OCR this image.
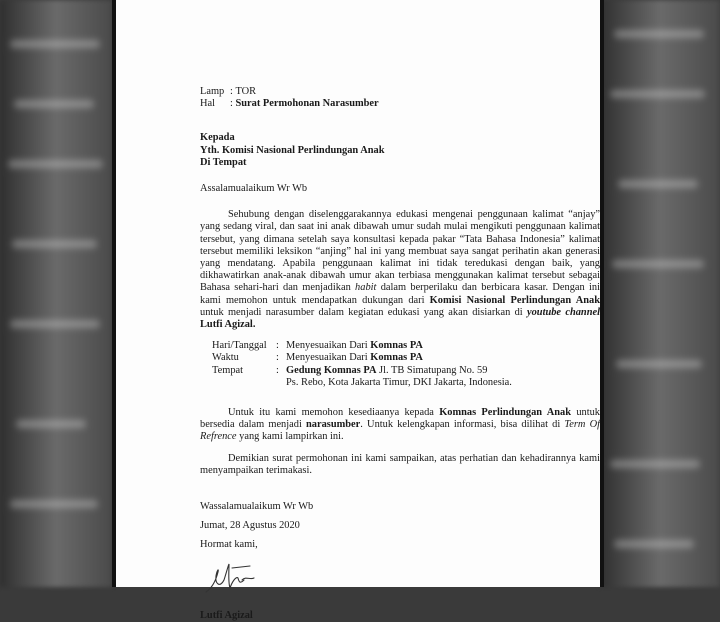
Lamp : TOR
Hal	: Surat Permohonan Narasumber
Kepada
Yth. Komisi Nasional Perlindungan Anak
Di Tempat
Assalamualaikum Wr Wb

Sehubung dengan diselenggarakannya edukasi mengenai penggunaan kalimat “anjay” yang sedang viral, dan saat ini anak dibawah umur sudah mulai mengikuti penggunaan kalimat tersebut, yang dimana setelah saya konsultasi kepada pakar “Tata Bahasa Indonesia” kalimat tersebut memiliki leksikon “anjing” hal ini yang membuat saya sangat perihatin akan generasi yang mendatang. Apabila penggunaan kalimat ini tidak teredukasi dengan baik, yang dikhawatirkan anak-anak dibawah umur akan terbiasa menggunakan kalimat tersebut sebagai Bahasa sehari-hari dan menjadikan habit dalam berperilaku dan berbicara kasar. Dengan ini kami memohon untuk mendapatkan dukungan dari Komisi Nasional Perlindungan Anak untuk menjadi narasumber dalam kegiatan edukasi yang akan disiarkan di youtube channel Lutfi Agizal.

Hari/Tanggal : Menyesuaikan Dari Komnas PA
Waktu	: Menyesuaikan Dari Komnas PA
Tempat	: Gedung Komnas PA Jl. TB Simatupang No. 59
Ps. Rebo, Kota Jakarta Timur, DKI Jakarta, Indonesia.

Untuk itu kami memohon kesediaanya kepada Komnas Perlindungan Anak untuk bersedia dalam menjadi narasumber. Untuk kelengkapan informasi, bisa dilihat di Term Of Refrence yang kami lampirkan ini.

Demikian surat permohonan ini kami sampaikan, atas perhatian dan kehadirannya kami menyampaikan terimakasi.

Wassalamualaikum Wr Wb
Jumat, 28 Agustus 2020
Hormat kami,
Lutfi Agizal
